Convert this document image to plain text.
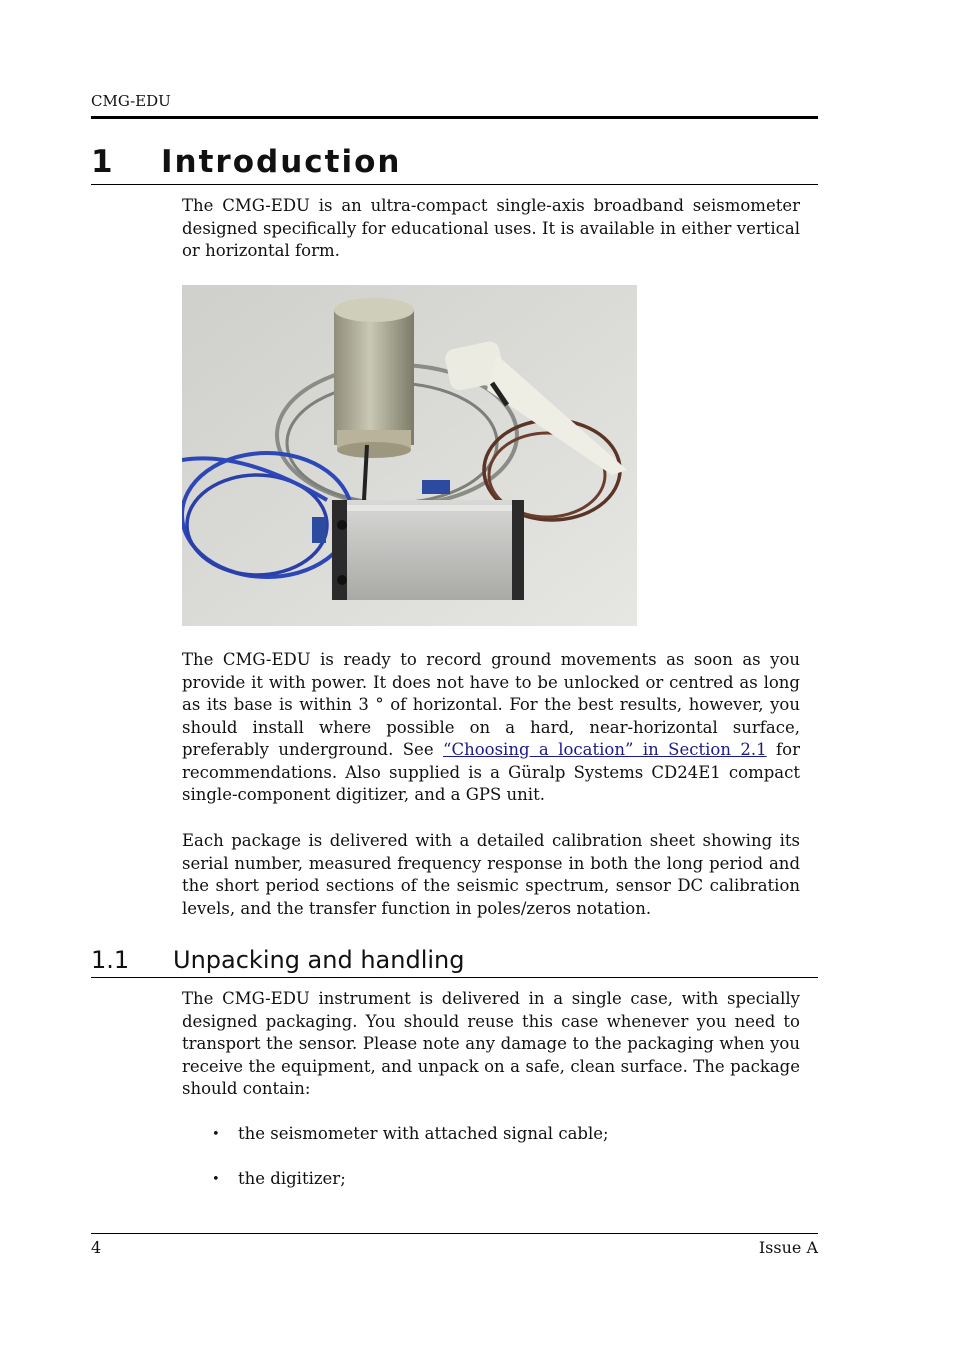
CMG-EDU
1 Introduction

The CMG-EDU is an ultra-compact single-axis broadband seismometer designed specifically for educational uses. It is available in either vertical or horizontal form.

The CMG-EDU is ready to record ground movements as soon as you provide it with power. It does not have to be unlocked or centred as long as its base is within 3 ° of horizontal. For the best results, however, you should install where possible on a hard, near-horizontal surface, preferably underground. See “Choosing a location” in Section 2.1 for recommendations. Also supplied is a Güralp Systems CD24E1 compact single-component digitizer, and a GPS unit.

Each package is delivered with a detailed calibration sheet showing its serial number, measured frequency response in both the long period and the short period sections of the seismic spectrum, sensor DC calibration levels, and the transfer function in poles/zeros notation.

1.1 Unpacking and handling

The CMG-EDU instrument is delivered in a single case, with specially designed packaging. You should reuse this case whenever you need to transport the sensor. Please note any damage to the packaging when you receive the equipment, and unpack on a safe, clean surface. The package should contain:

• the seismometer with attached signal cable;
• the digitizer;
4	Issue A
